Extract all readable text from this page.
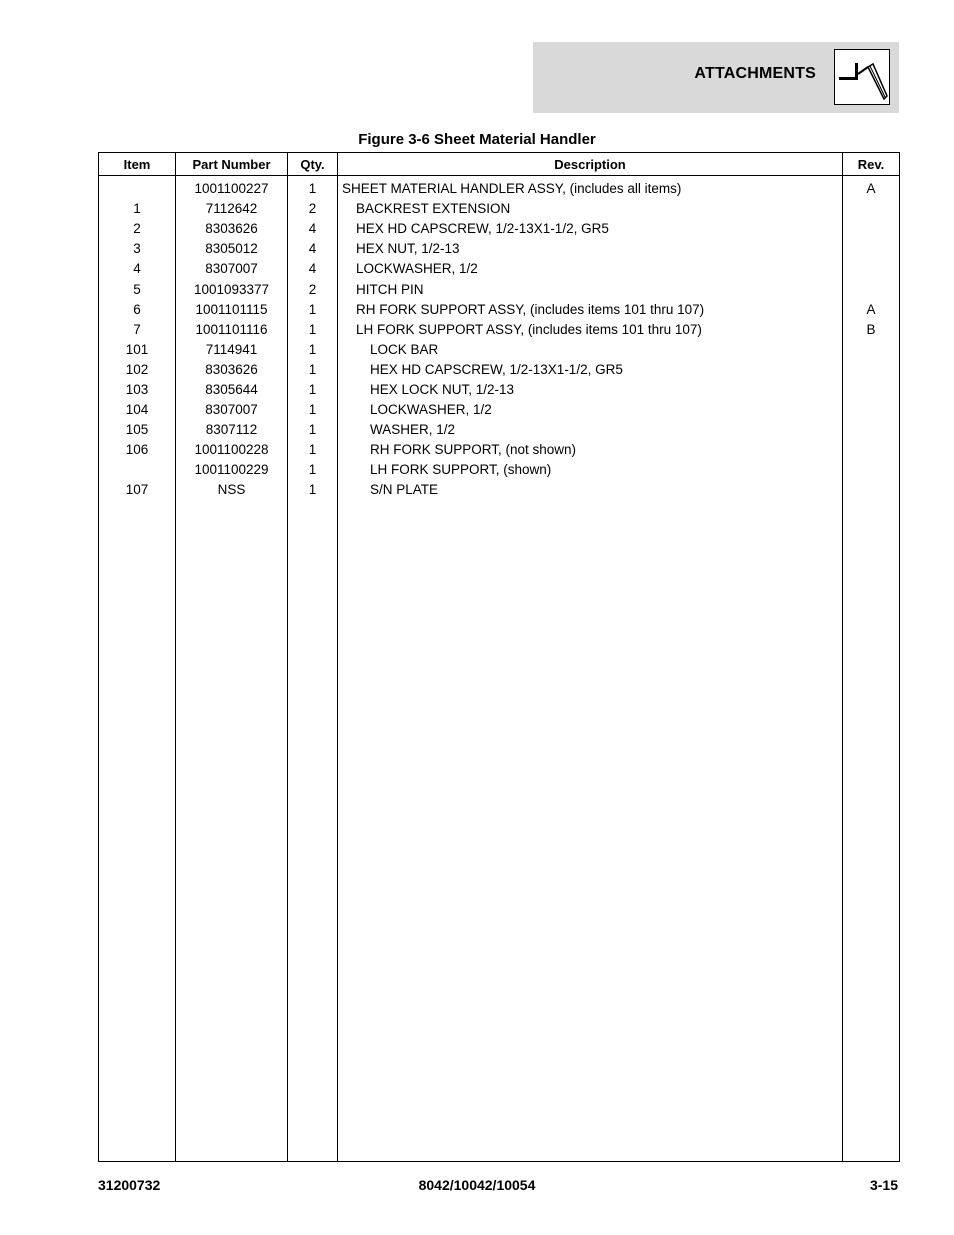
ATTACHMENTS
Figure 3-6 Sheet Material Handler
Item	Part Number	Qty.	Description	Rev.
	1001100227	1	SHEET MATERIAL HANDLER ASSY, (includes all items)	A
1	7112642	2	BACKREST EXTENSION	
2	8303626	4	HEX HD CAPSCREW, 1/2-13X1-1/2, GR5	
3	8305012	4	HEX NUT, 1/2-13	
4	8307007	4	LOCKWASHER, 1/2	
5	1001093377	2	HITCH PIN	
6	1001101115	1	RH FORK SUPPORT ASSY, (includes items 101 thru 107)	A
7	1001101116	1	LH FORK SUPPORT ASSY, (includes items 101 thru 107)	B
101	7114941	1	LOCK BAR	
102	8303626	1	HEX HD CAPSCREW, 1/2-13X1-1/2, GR5	
103	8305644	1	HEX LOCK NUT, 1/2-13	
104	8307007	1	LOCKWASHER, 1/2	
105	8307112	1	WASHER, 1/2	
106	1001100228	1	RH FORK SUPPORT, (not shown)	
	1001100229	1	LH FORK SUPPORT, (shown)	
107	NSS	1	S/N PLATE	

31200732	8042/10042/10054	3-15
